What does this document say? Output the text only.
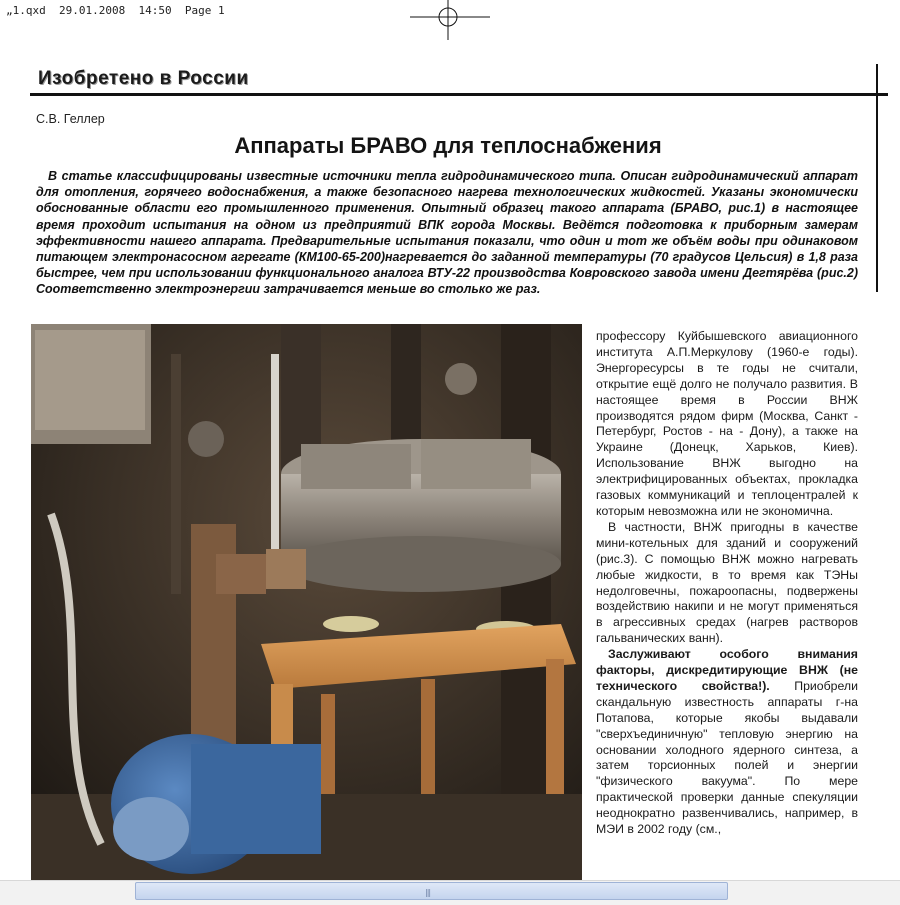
„1.qxd 29.01.2008 14:50 Page 1
Изобретено в России
С.В. Геллер
Аппараты БРАВО для теплоснабжения

В статье классифицированы известные источники тепла гидродинамического типа. Описан гидродинамический аппарат для отопления, горячего водоснабжения, а также безопасного нагрева технологических жидкостей. Указаны экономически обоснованные области его промышленного применения. Опытный образец такого аппарата (БРАВО, рис.1) в настоящее время проходит испытания на одном из предприятий ВПК города Москвы. Ведётся подготовка к приборным замерам эффективности нашего аппарата. Предварительные испытания показали, что один и тот же объём воды при одинаковом питающем электронасосном агрегате (КМ100-65-200)нагревается до заданной температуры (70 градусов Цельсия) в 1,8 раза быстрее, чем при использовании функционального аналога ВТУ-22 производства Ковровского завода имени Дегтярёва (рис.2) Соответственно электроэнергии затрачивается меньше во столько же раз.

профессору Куйбышевского авиационного института А.П.Меркулову (1960-е годы). Энергоресурсы в те годы не считали, открытие ещё долго не получало развития. В настоящее время в России ВНЖ производятся рядом фирм (Москва, Санкт - Петербург, Ростов - на - Дону), а также на Украине (Донецк, Харьков, Киев). Использование ВНЖ выгодно на электрифицированных объектах, прокладка газовых коммуникаций и теплоцентралей к которым невозможна или не экономична.

В частности, ВНЖ пригодны в качестве мини-котельных для зданий и сооружений (рис.3). С помощью ВНЖ можно нагревать любые жидкости, в то время как ТЭНы недолговечны, пожароопасны, подвержены воздействию накипи и не могут применяться в агрессивных средах (нагрев растворов гальванических ванн).

Заслуживают особого внимания факторы, дискредитирующие ВНЖ (не технического свойства!). Приобрели скандальную известность аппараты г-на Потапова, которые якобы выдавали "сверхъединичную" тепловую энергию на основании холодного ядерного синтеза, а затем торсионных полей и энергии "физического вакуума". По мере практической проверки данные спекуляции неоднократно развенчивались, например, в МЭИ в 2002 году (см.,

|||
